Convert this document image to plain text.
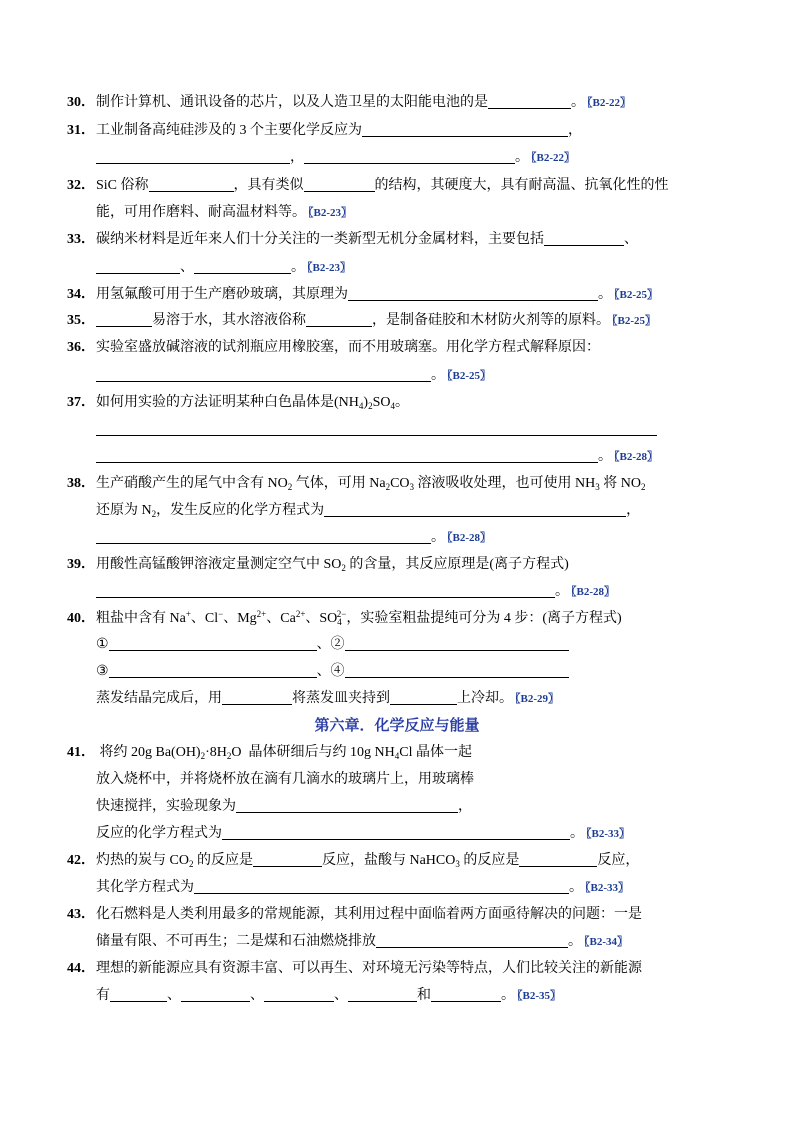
30．制作计算机、通讯设备的芯片，以及人造卫星的太阳能电池的是	。 〖B2-22〗
31．工业制备高纯硅涉及的 3 个主要化学反应为	，
，	。 〖B2-22〗
32．SiC 俗称	，具有类似	的结构，其硬度大，具有耐高温、抗氧化性的性
能，可用作磨料、耐高温材料等。 〖B2-23〗
33．碳纳米材料是近年来人们十分关注的一类新型无机分金属材料，主要包括	、
、	。 〖B2-23〗
34．用氢氟酸可用于生产磨砂玻璃，其原理为	。 〖B2-25〗
35．	易溶于水，其水溶液俗称	，是制备硅胶和木材防火剂等的原料。 〖B2-25〗
36．实验室盛放碱溶液的试剂瓶应用橡胶塞，而不用玻璃塞。用化学方程式解释原因：
。 〖B2-25〗
37．如何用实验的方法证明某种白色晶体是$(NH_4)_2SO_4$。
。 〖B2-28〗
38．生产硝酸产生的尾气中含有 $NO_2$ 气体，可用 $Na_2CO_3$ 溶液吸收处理，也可使用 $NH_3$ 将 $NO_2$
还原为 $N_2$，发生反应的化学方程式为	，
。 〖B2-28〗
39．用酸性高锰酸钾溶液定量测定空气中 $SO_2$ 的含量，其反应原理是(离子方程式)
。 〖B2-28〗
40．粗盐中含有 Na+、Cl−、$Mg^{2+}$、$Ca^{2+}$、$SO_4^{2-}$，实验室粗盐提纯可分为 4 步：(离子方程式)
①	、②
③	、④
蒸发结晶完成后，用	将蒸发皿夹持到	上冷却。 〖B2-29〗
第六章．化学反应与能量
41． 将约 20g $Ba(OH)_2\cdot 8H_2O$  晶体研细后与约 10g $NH_4Cl$ 晶体一起
放入烧杯中，并将烧杯放在滴有几滴水的玻璃片上，用玻璃棒
快速搅拌，实验现象为	，
反应的化学方程式为	。 〖B2-33〗
42．灼热的炭与 $CO_2$ 的反应是	反应，盐酸与 NaHCO$_3$ 的反应是	反应，
其化学方程式为	。 〖B2-33〗
43．化石燃料是人类利用最多的常规能源，其利用过程中面临着两方面亟待解决的问题：一是
储量有限、不可再生；二是煤和石油燃烧排放	。 〖B2-34〗
44．理想的新能源应具有资源丰富、可以再生、对环境无污染等特点，人们比较关注的新能源
有	、	、	、	和	。 〖B2-35〗
